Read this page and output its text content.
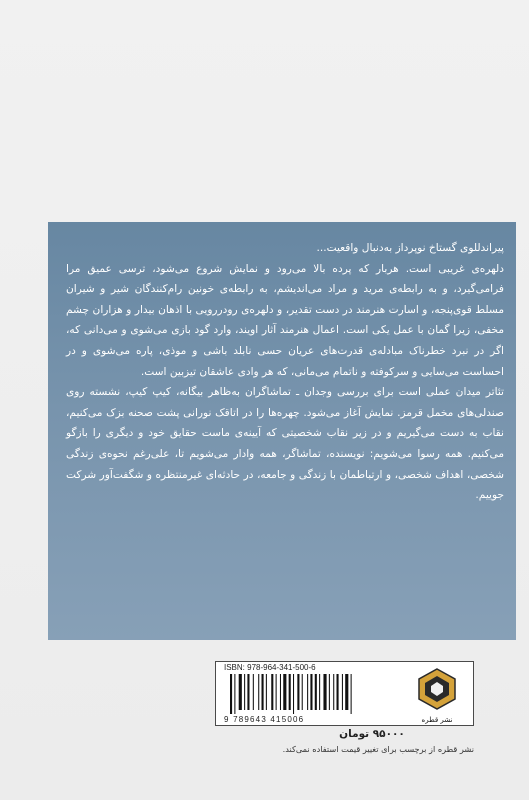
پیراندللوی گستاخ نوپرداز به‌دنبال واقعیت...

دلهره‌ی غریبی است. هربار که پرده بالا می‌رود و نمایش شروع می‌شود، ترسی عمیق مرا فرامی‌گیرد، و به رابطه‌ی مرید و مراد می‌اندیشم، به رابطه‌ی خونین رام‌کنندگان شیر و شیران مسلط قوی‌پنجه، و اسارت هنرمند در دست تقدیر، و دلهره‌ی رودررویی با اذهان بیدار و هزاران چشم مخفی، زیرا گمان با عمل یکی است. اعمال هنرمند آثار اویند، وارد گود بازی می‌شوی و می‌دانی که، اگر در نبرد خطرناک مبادله‌ی قدرت‌های عریان حسی نابلد باشی و موذی، پاره می‌شوی و در احساست می‌سایی و سرکوفته و ناتمام می‌مانی، که هر وادی عاشقان تیزبین است.

تئاتر میدان عملی است برای بررسی وجدان ـ تماشاگران به‌ظاهر بیگانه، کیپ کیپ، نشسته روی صندلی‌های مخمل قرمز. نمایش آغاز می‌شود. چهره‌ها را در اتاقک نورانی پشت صحنه بزک می‌کنیم، نقاب به دست می‌گیریم و در زیر نقاب شخصیتی که آیینه‌ی ماست حقایق خود و دیگری را بازگو می‌کنیم. همه رسوا می‌شویم: نویسنده، تماشاگر، همه وادار می‌شویم تا، علی‌رغم نحوه‌ی زندگی شخصی، اهداف شخصی، و ارتباطمان با زندگی و جامعه، در حادثه‌ای غیرمنتظره و شگفت‌آور شرکت جوییم.

ISBN: 978-964-341-500-6
9 789643 415006	نشر قطره
۹۵۰۰۰ تومان
نشر قطره از برچسب برای تغییر قیمت استفاده نمی‌کند.
